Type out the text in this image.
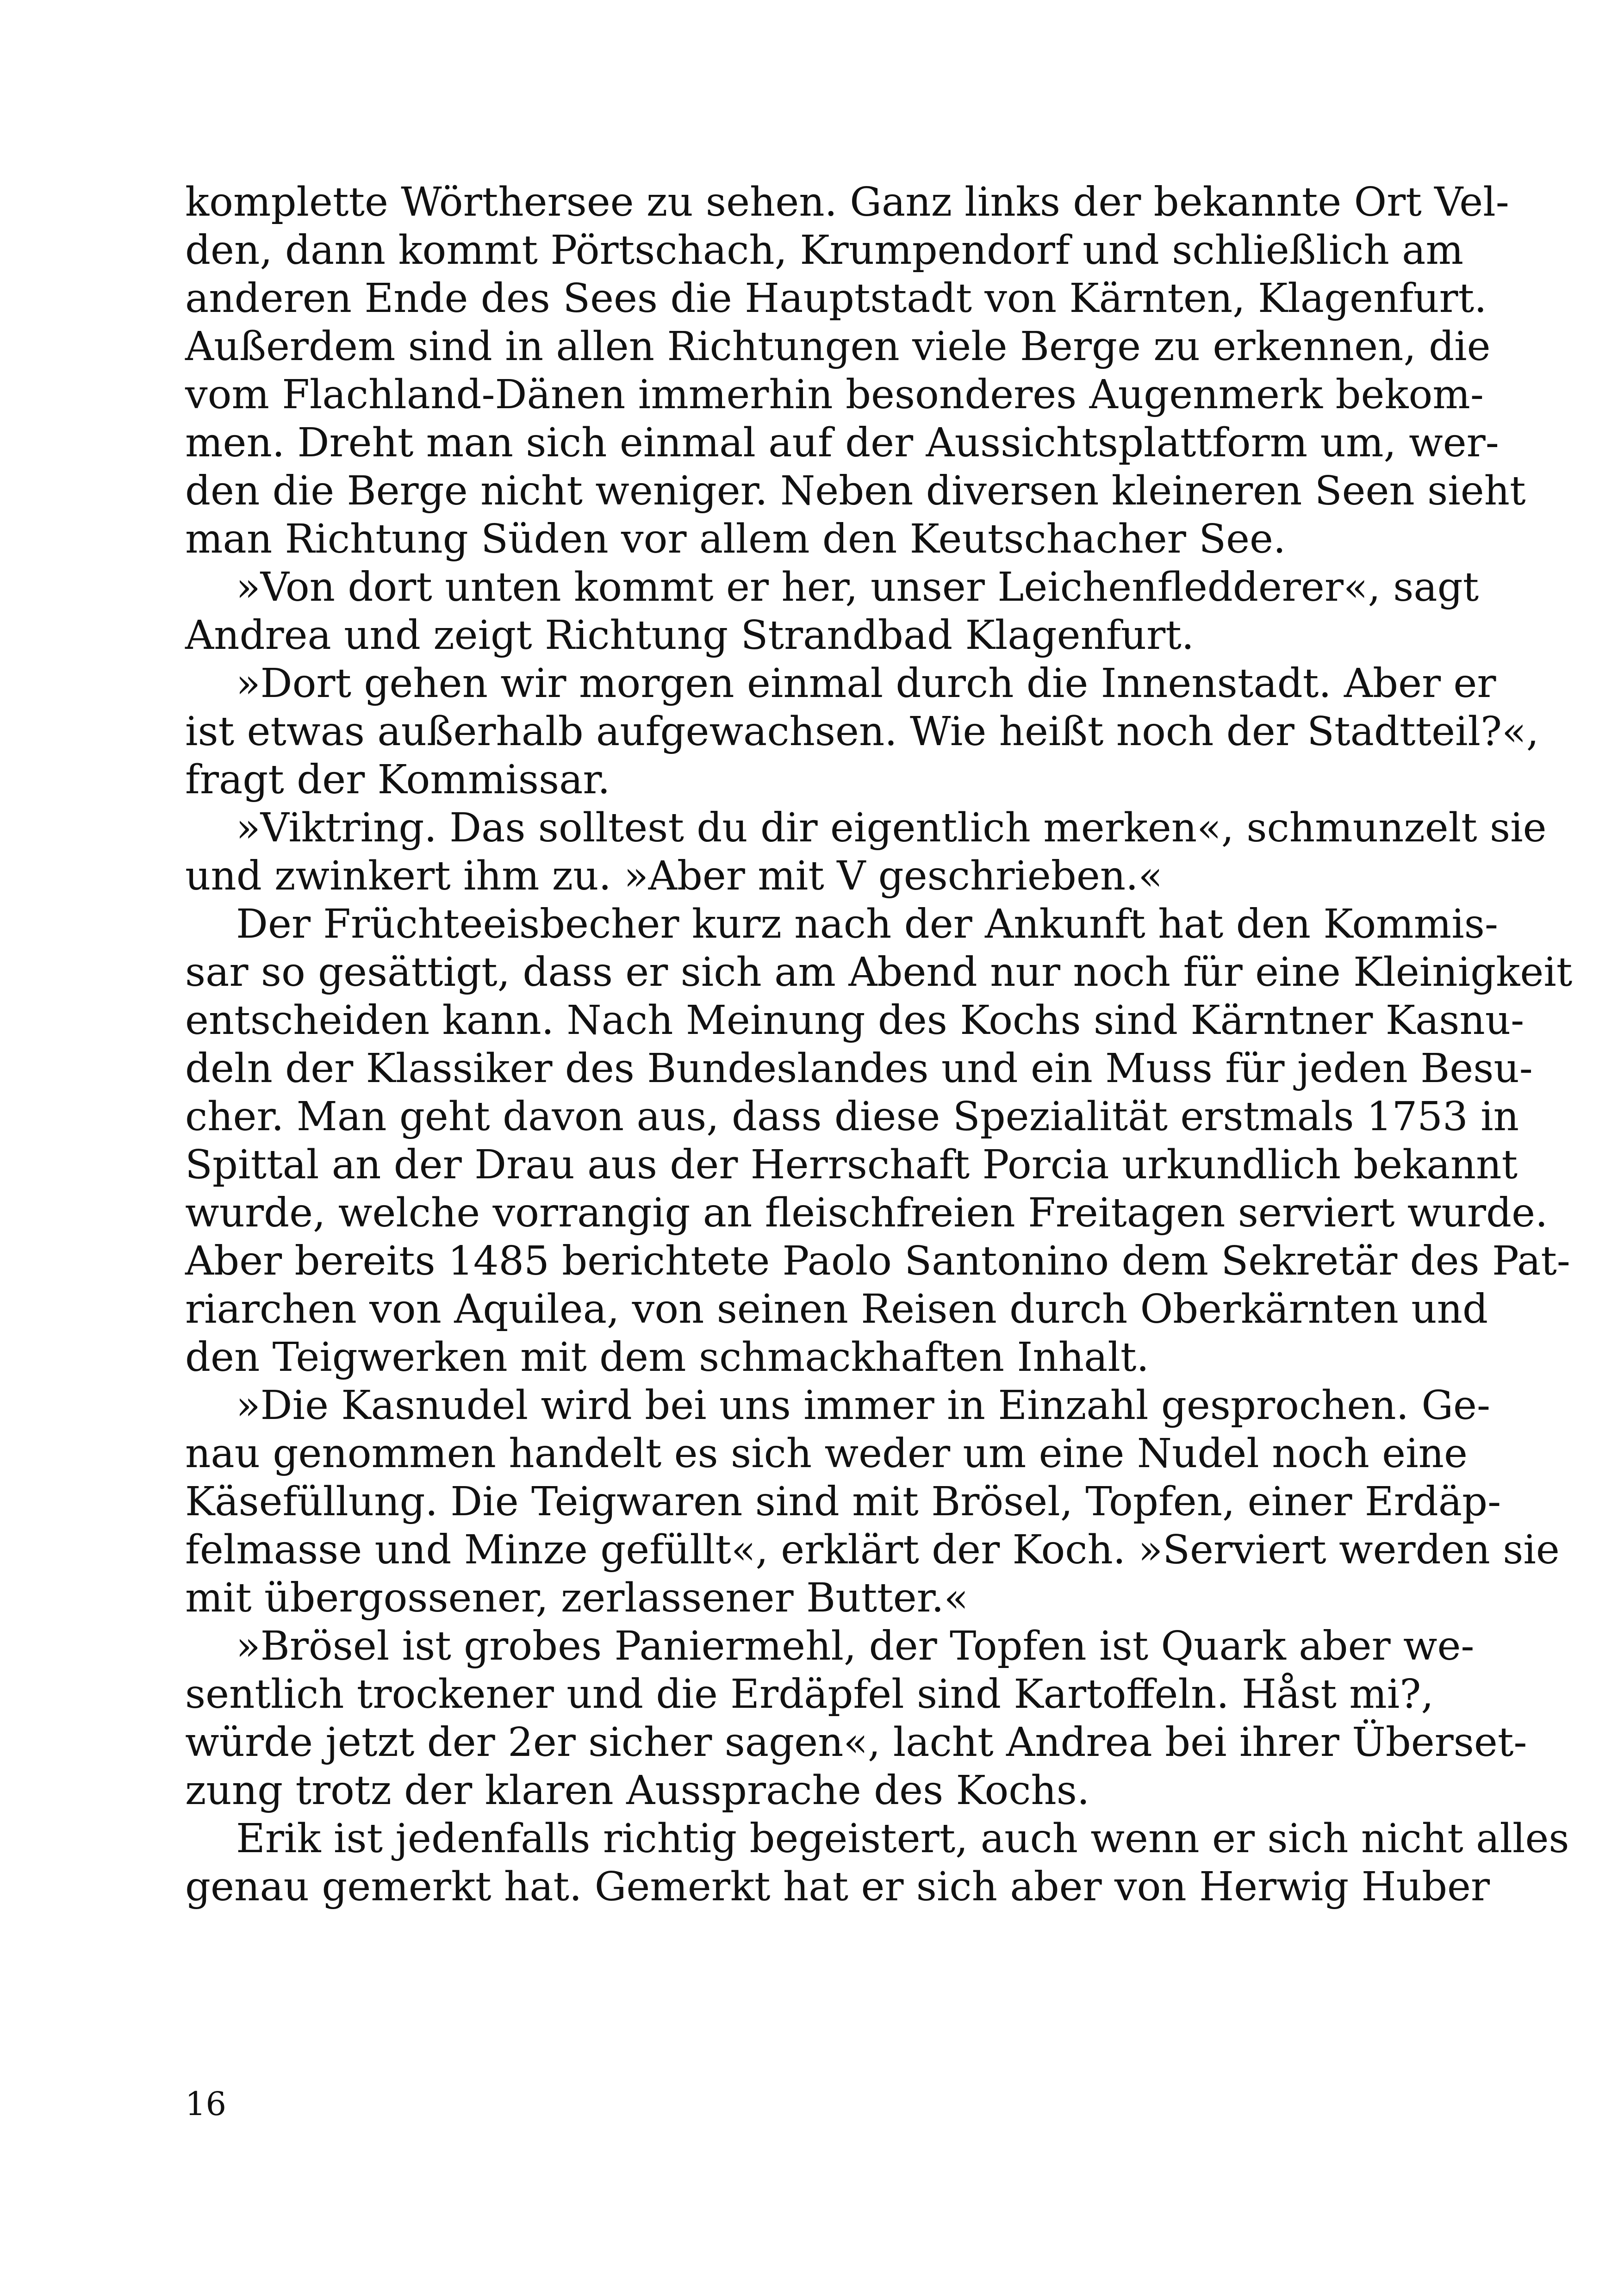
komplette Wörthersee zu sehen. Ganz links der bekannte Ort Vel-
den, dann kommt Pörtschach, Krumpendorf und schließlich am
anderen Ende des Sees die Hauptstadt von Kärnten, Klagenfurt.
Außerdem sind in allen Richtungen viele Berge zu erkennen, die
vom Flachland-Dänen immerhin besonderes Augenmerk bekom-
men. Dreht man sich einmal auf der Aussichtsplattform um, wer-
den die Berge nicht weniger. Neben diversen kleineren Seen sieht
man Richtung Süden vor allem den Keutschacher See.
»Von dort unten kommt er her, unser Leichenfledderer«, sagt
Andrea und zeigt Richtung Strandbad Klagenfurt.
»Dort gehen wir morgen einmal durch die Innenstadt. Aber er
ist etwas außerhalb aufgewachsen. Wie heißt noch der Stadtteil?«,
fragt der Kommissar.
»Viktring. Das solltest du dir eigentlich merken«, schmunzelt sie
und zwinkert ihm zu. »Aber mit V geschrieben.«
Der Früchteeisbecher kurz nach der Ankunft hat den Kommis-
sar so gesättigt, dass er sich am Abend nur noch für eine Kleinigkeit
entscheiden kann. Nach Meinung des Kochs sind Kärntner Kasnu-
deln der Klassiker des Bundeslandes und ein Muss für jeden Besu-
cher. Man geht davon aus, dass diese Spezialität erstmals 1753 in
Spittal an der Drau aus der Herrschaft Porcia urkundlich bekannt
wurde, welche vorrangig an fleischfreien Freitagen serviert wurde.
Aber bereits 1485 berichtete Paolo Santonino dem Sekretär des Pat-
riarchen von Aquilea, von seinen Reisen durch Oberkärnten und
den Teigwerken mit dem schmackhaften Inhalt.
»Die Kasnudel wird bei uns immer in Einzahl gesprochen. Ge-
nau genommen handelt es sich weder um eine Nudel noch eine
Käsefüllung. Die Teigwaren sind mit Brösel, Topfen, einer Erdäp-
felmasse und Minze gefüllt«, erklärt der Koch. »Serviert werden sie
mit übergossener, zerlassener Butter.«
»Brösel ist grobes Paniermehl, der Topfen ist Quark aber we-
sentlich trockener und die Erdäpfel sind Kartoffeln. Håst mi?,
würde jetzt der 2er sicher sagen«, lacht Andrea bei ihrer Überset-
zung trotz der klaren Aussprache des Kochs.
Erik ist jedenfalls richtig begeistert, auch wenn er sich nicht alles
genau gemerkt hat. Gemerkt hat er sich aber von Herwig Huber
16
